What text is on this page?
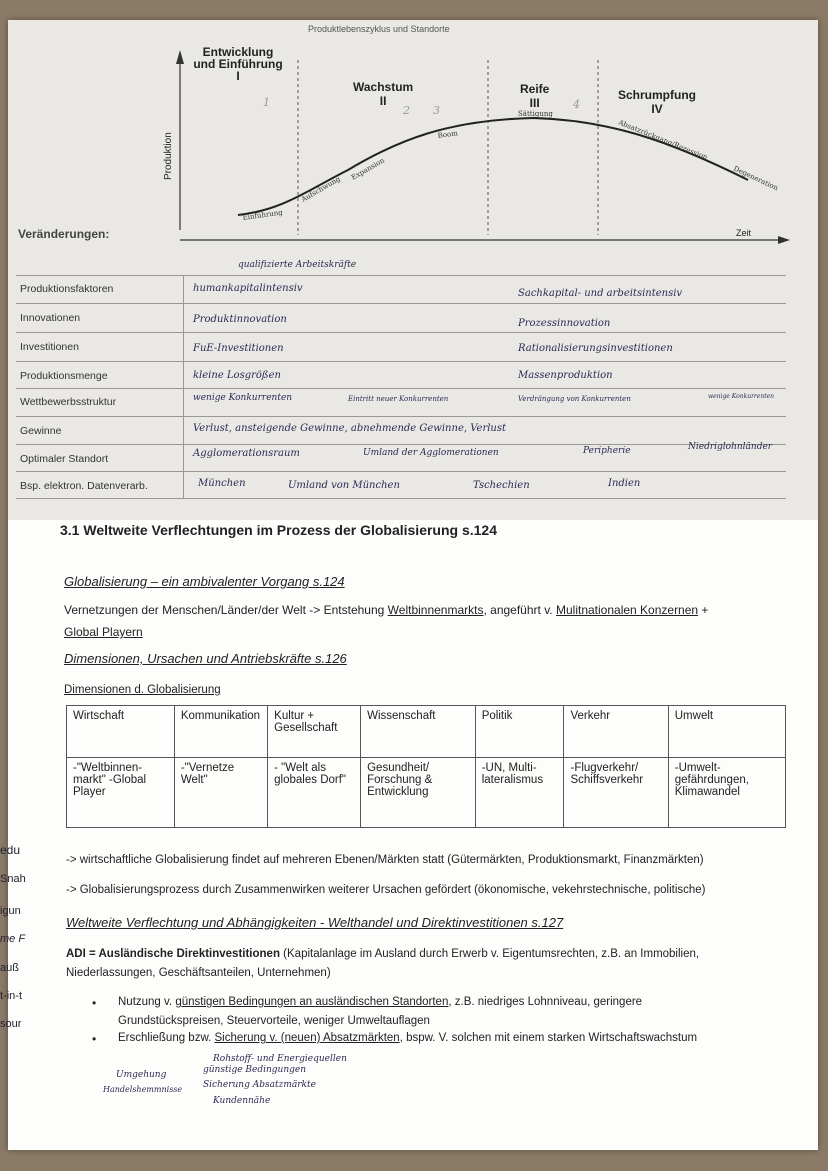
Produktlebenszyklus und Standorte
Einführung
Aufschwung
Expansion
Boom
Sättigung
Absatzrückgang/Rezession
Degeneration
Entwicklung und Einführung
I
Wachstum
II
Reife
III
Schrumpfung
IV
1
2 3	4
Produktion
Zeit
Veränderungen:
qualifizierte Arbeitskräfte
Produktionsfaktoren	humankapitalintensiv	Sachkapital- und arbeitsintensiv
Innovationen	Produktinnovation	Prozessinnovation
Investitionen	FuE-Investitionen	Rationalisierungsinvestitionen
Produktionsmenge	kleine Losgrößen	Massenproduktion
Wettbewerbsstruktur	wenige Konkurrenten	Eintritt neuer Konkurrenten	Verdrängung von Konkurrenten	wenige Konkurrenten
Gewinne	Verlust, ansteigende Gewinne, abnehmende Gewinne, Verlust
Optimaler Standort	Agglomerationsraum	Umland der Agglomerationen	Peripherie	Niedriglohnländer
Bsp. elektron. Datenverarb.	München	Umland von München	Tschechien	Indien
3.1 Weltweite Verflechtungen im Prozess der Globalisierung s.124
Globalisierung – ein ambivalenter Vorgang s.124
Vernetzungen der Menschen/Länder/der Welt -> Entstehung Weltbinnenmarkts, angeführt v. Mulitnationalen Konzernen +
Global Playern
Dimensionen, Ursachen und Antriebskräfte s.126
Dimensionen d. Globalisierung
Wirtschaft	Kommunikation	Kultur + Gesellschaft	Wissenschaft	Politik	Verkehr	Umwelt
-"Weltbinnen-markt" -Global Player	-"Vernetze Welt"	- "Welt als globales Dorf"	Gesundheit/ Forschung & Entwicklung	-UN, Multi-lateralismus	-Flugverkehr/ Schiffsverkehr	-Umwelt-gefährdungen, Klimawandel
-> wirtschaftliche Globalisierung findet auf mehreren Ebenen/Märkten statt (Gütermärkten, Produktionsmarkt, Finanzmärkten)
-> Globalisierungsprozess durch Zusammenwirken weiterer Ursachen gefördert (ökonomische, vekehrstechnische, politische)
Weltweite Verflechtung und Abhängigkeiten - Welthandel und Direktinvestitionen s.127
ADI = Ausländische Direktinvestitionen (Kapitalanlage im Ausland durch Erwerb v. Eigentumsrechten, z.B. an Immobilien,
Niederlassungen, Geschäftsanteilen, Unternehmen)
• Nutzung v. günstigen Bedingungen an ausländischen Standorten, z.B. niedriges Lohnniveau, geringere
Grundstückspreisen, Steuervorteile, weniger Umweltauflagen
• Erschließung bzw. Sicherung v. (neuen) Absatzmärkten, bspw. V. solchen mit einem starken Wirtschaftswachstum
Rohstoff- und Energiequellen
günstige Bedingungen
Umgehung
Handelshemmnisse Sicherung Absatzmärkte
Kundennähe
edu
Snah
igun
me F
auß
t-in-t
sour
